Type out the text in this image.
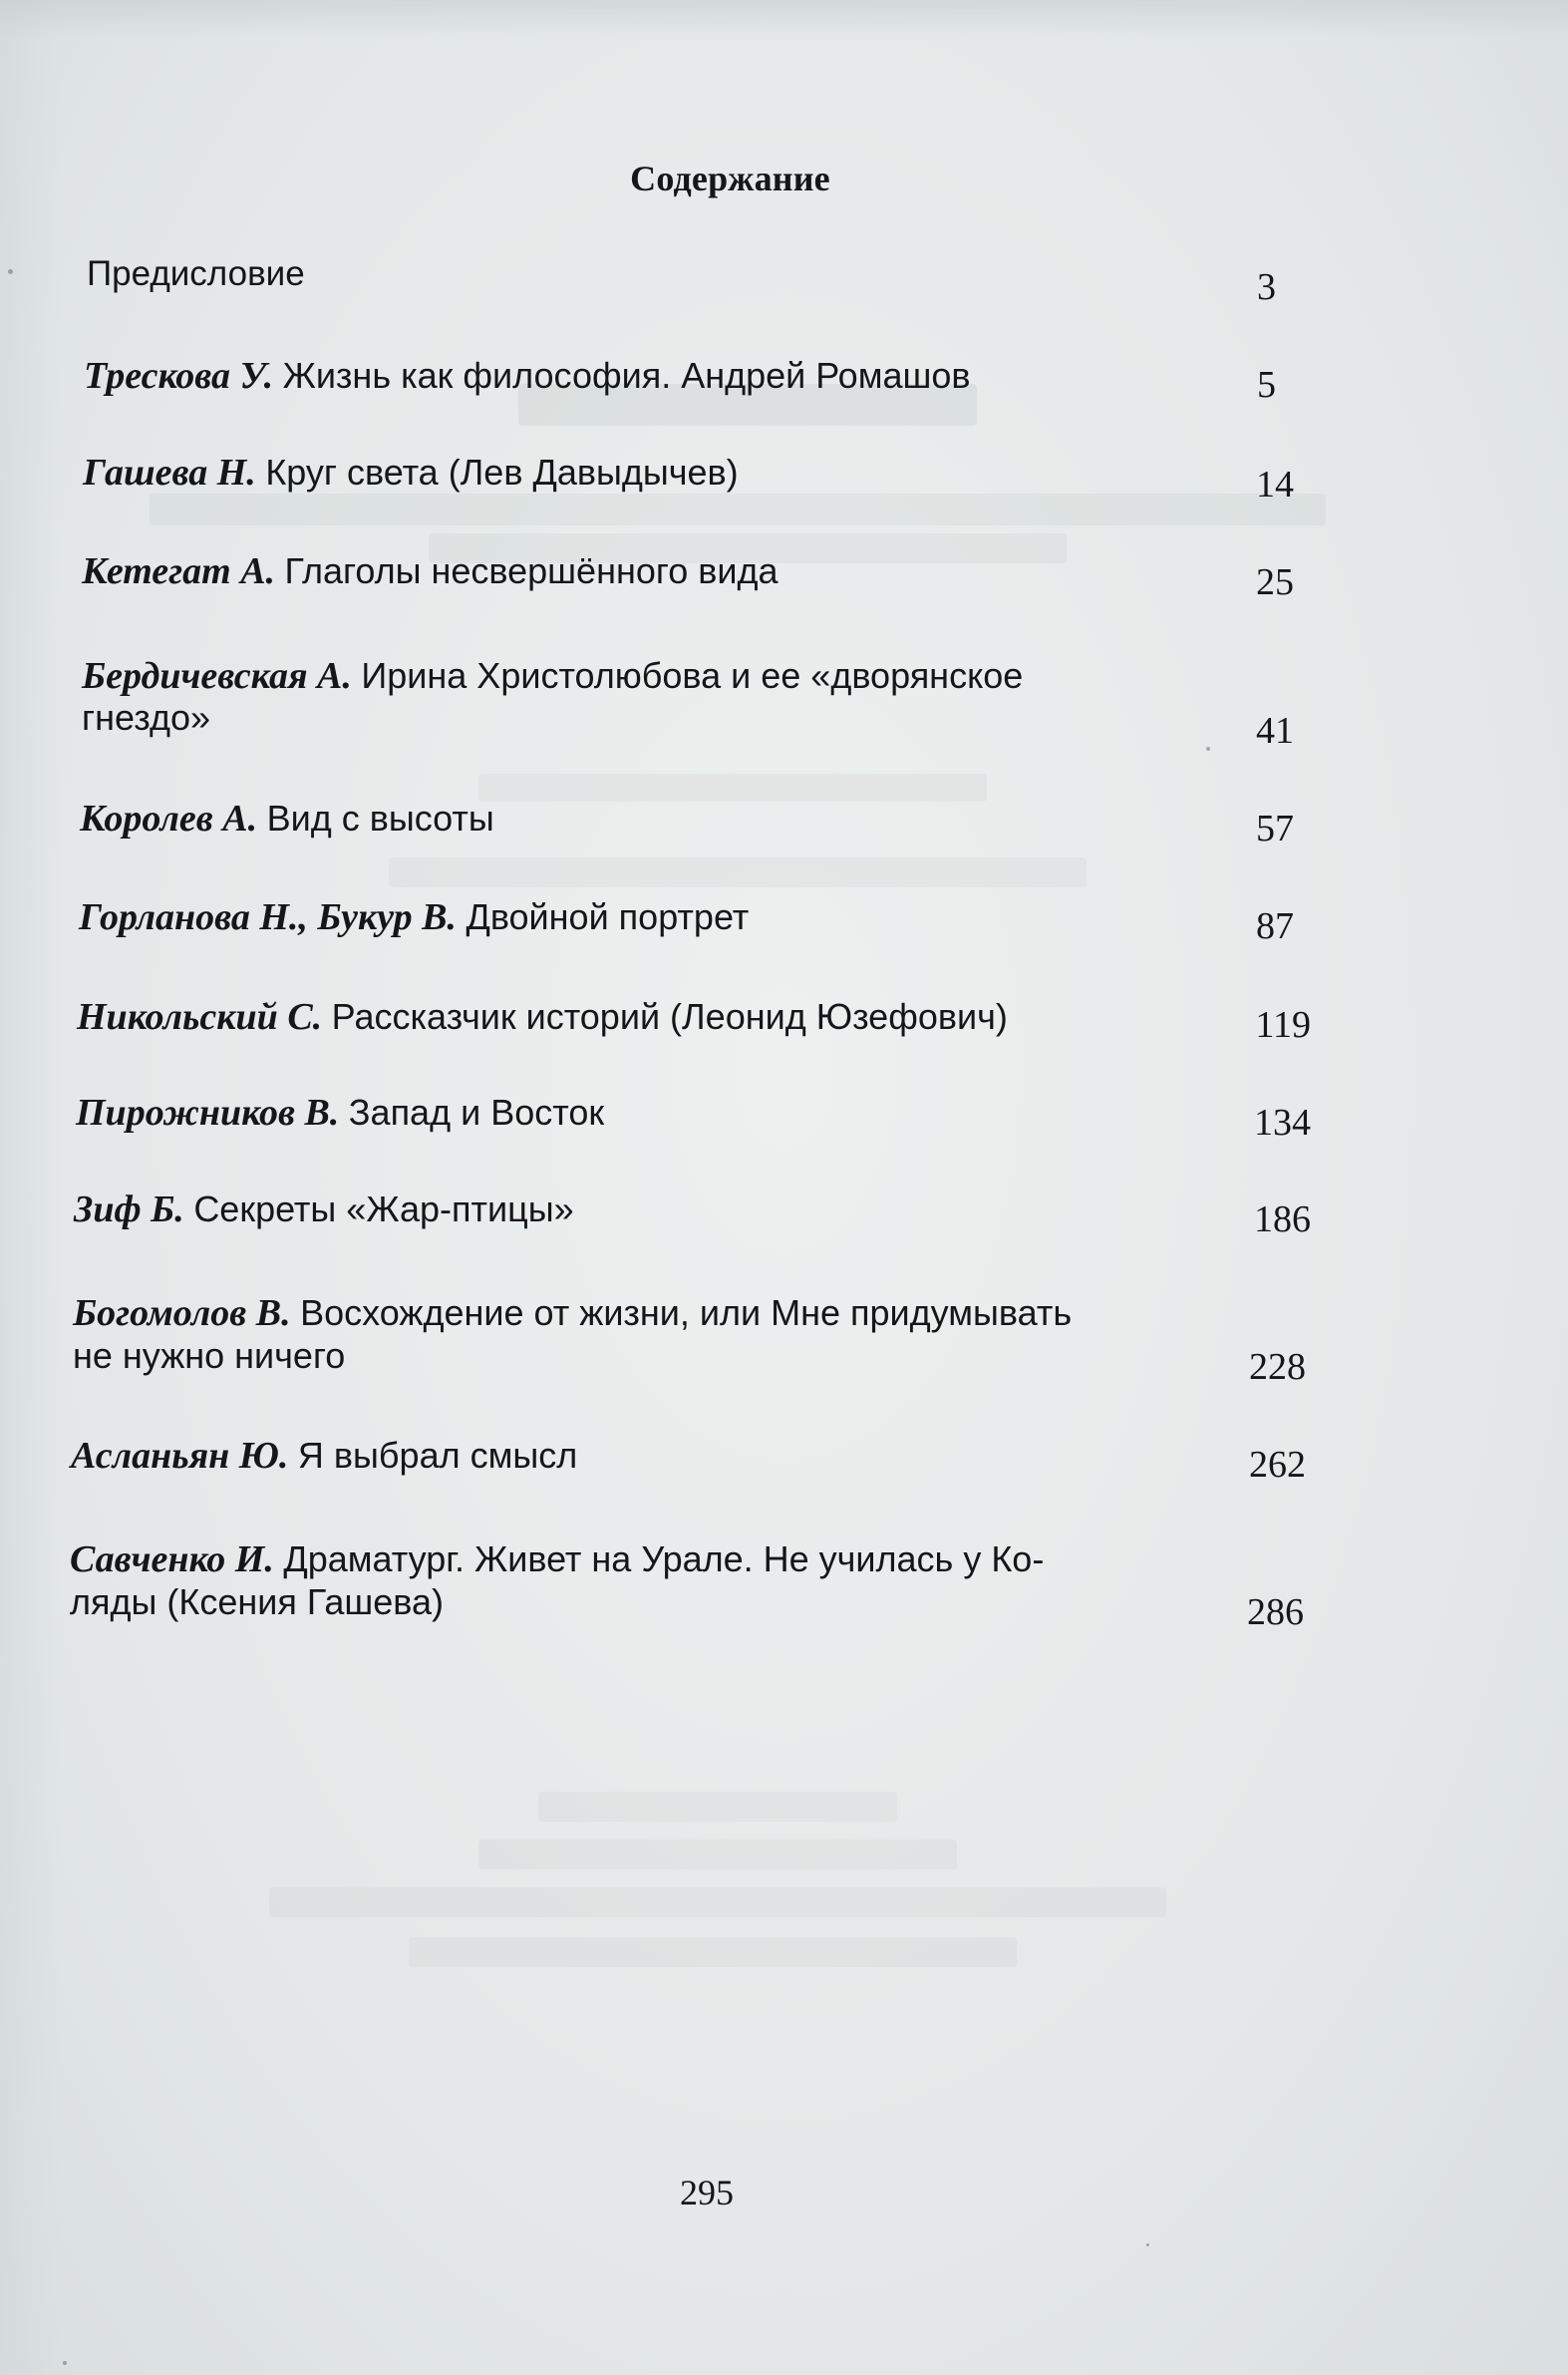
Содержание
Предисловие	3
Трескова У. Жизнь как философия. Андрей Ромашов	5
Гашева Н. Круг света (Лев Давыдычев)	14
Кетегат А. Глаголы несвершённого вида	25
Бердичевская А. Ирина Христолюбова и ее «дворянское
гнездо»	41
Королев А. Вид с высоты	57
Горланова Н., Букур В. Двойной портрет	87
Никольский С. Рассказчик историй (Леонид Юзефович)	119
Пирожников В. Запад и Восток	134
Зиф Б. Секреты «Жар-птицы»	186
Богомолов В. Восхождение от жизни, или Мне придумывать
не нужно ничего	228
Асланьян Ю. Я выбрал смысл	262
Савченко И. Драматург. Живет на Урале. Не училась у Ко-
ляды (Ксения Гашева)	286
295
